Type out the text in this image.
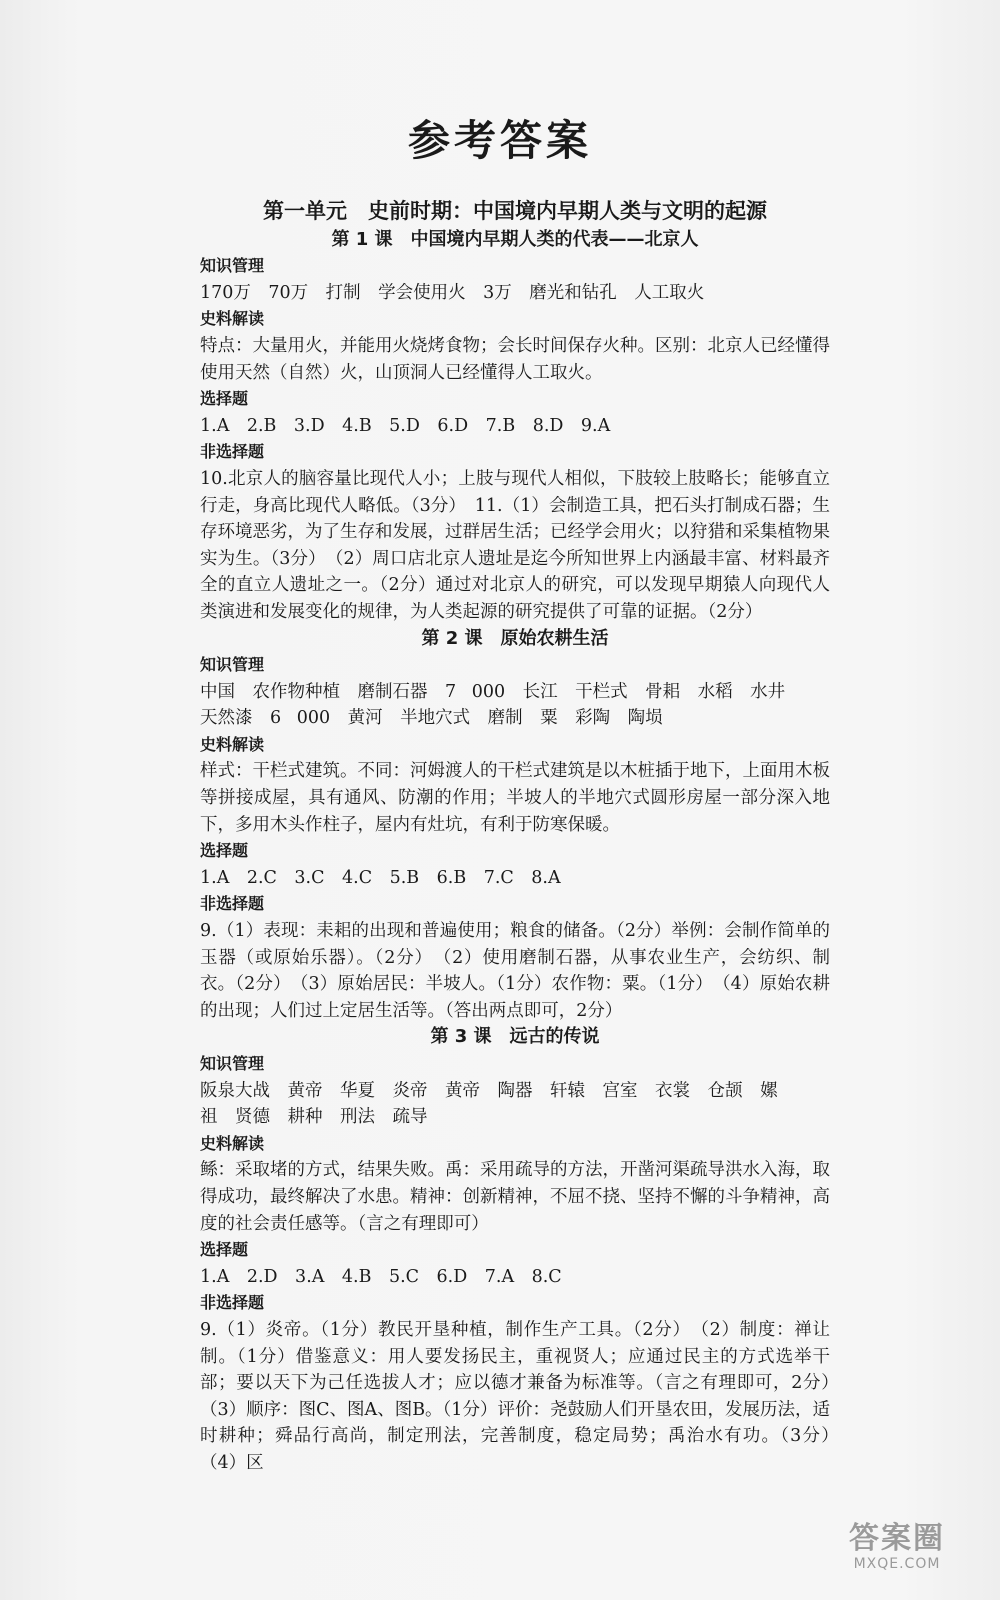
参考答案
第一单元　史前时期：中国境内早期人类与文明的起源
第 1 课　中国境内早期人类的代表——北京人
知识管理
170万　70万　打制　学会使用火　3万　磨光和钻孔　人工取火
史料解读
特点：大量用火，并能用火烧烤食物；会长时间保存火种。区别：北京人已经懂得使用天然（自然）火，山顶洞人已经懂得人工取火。
选择题
1.A　2.B　3.D　4.B　5.D　6.D　7.B　8.D　9.A
非选择题
10.北京人的脑容量比现代人小；上肢与现代人相似，下肢较上肢略长；能够直立行走，身高比现代人略低。（3分）　11.（1）会制造工具，把石头打制成石器；生存环境恶劣，为了生存和发展，过群居生活；已经学会用火；以狩猎和采集植物果实为生。（3分）　（2）周口店北京人遗址是迄今所知世界上内涵最丰富、材料最齐全的直立人遗址之一。（2分）通过对北京人的研究，可以发现早期猿人向现代人类演进和发展变化的规律，为人类起源的研究提供了可靠的证据。（2分）
第 2 课　原始农耕生活
知识管理
中国　农作物种植　磨制石器　7 000　长江　干栏式　骨耜　水稻　水井
天然漆　6 000　黄河　半地穴式　磨制　粟　彩陶　陶埙
史料解读
样式：干栏式建筑。不同：河姆渡人的干栏式建筑是以木桩插于地下，上面用木板等拼接成屋，具有通风、防潮的作用；半坡人的半地穴式圆形房屋一部分深入地下，多用木头作柱子，屋内有灶坑，有利于防寒保暖。
选择题
1.A　2.C　3.C　4.C　5.B　6.B　7.C　8.A
非选择题
9.（1）表现：耒耜的出现和普遍使用；粮食的储备。（2分）举例：会制作简单的玉器（或原始乐器）。（2分）　（2）使用磨制石器，从事农业生产，会纺织、制衣。（2分）　（3）原始居民：半坡人。（1分）农作物：粟。（1分）　（4）原始农耕的出现；人们过上定居生活等。（答出两点即可，2分）
第 3 课　远古的传说
知识管理
阪泉大战　黄帝　华夏　炎帝　黄帝　陶器　轩辕　宫室　衣裳　仓颉　嫘
祖　贤德　耕种　刑法　疏导
史料解读
鲧：采取堵的方式，结果失败。禹：采用疏导的方法，开凿河渠疏导洪水入海，取得成功，最终解决了水患。精神：创新精神，不屈不挠、坚持不懈的斗争精神，高度的社会责任感等。（言之有理即可）
选择题
1.A　2.D　3.A　4.B　5.C　6.D　7.A　8.C
非选择题
9.（1）炎帝。（1分）教民开垦种植，制作生产工具。（2分）　（2）制度：禅让制。（1分）借鉴意义：用人要发扬民主，重视贤人；应通过民主的方式选举干部；要以天下为己任选拔人才；应以德才兼备为标准等。（言之有理即可，2分）　（3）顺序：图C、图A、图B。（1分）评价：尧鼓励人们开垦农田，发展历法，适时耕种；舜品行高尚，制定刑法，完善制度，稳定局势；禹治水有功。（3分）　（4）区
答案圈
MXQE.COM
